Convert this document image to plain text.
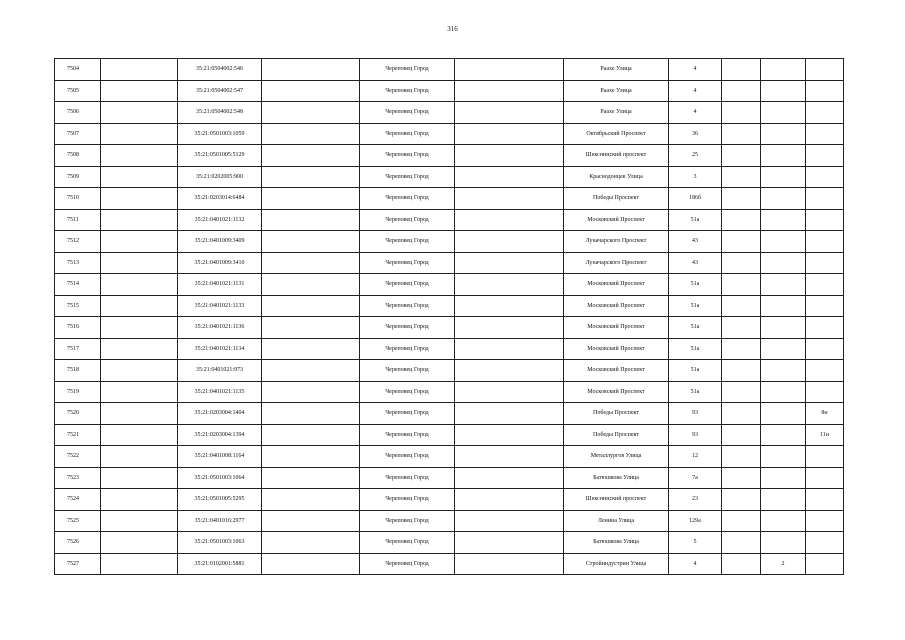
316
7504		35:21:0504002:546		Череповец Город		Раахе Улица	4			
7505		35:21:0504002:547		Череповец Город		Раахе Улица	4			
7506		35:21:0504002:548		Череповец Город		Раахе Улица	4			
7507		35:21:0501003:1059		Череповец Город		Октябрьский Проспект	36			
7508		35:21:0501005:5129		Череповец Город		Шекснинский проспект	25			
7509		35:21:0202005:900		Череповец Город		Краснодонцев Улица	3			
7510		35:21:0203014:6484		Череповец Город		Победы Проспект	186б			
7511		35:21:0401021:1132		Череповец Город		Московский Проспект	51а			
7512		35:21:0401009:3409		Череповец Город		Луначарского Проспект	43			
7513		35:21:0401009:3410		Череповец Город		Луначарского Проспект	43			
7514		35:21:0401021:1131		Череповец Город		Московский Проспект	51а			
7515		35:21:0401021:1133		Череповец Город		Московский Проспект	51а			
7516		35:21:0401021:1136		Череповец Город		Московский Проспект	51а			
7517		35:21:0401021:1134		Череповец Город		Московский Проспект	51а			
7518		35:21:0401021:973		Череповец Город		Московский Проспект	51а			
7519		35:21:0401021:1135		Череповец Город		Московский Проспект	51а			
7520		35:21:0203004:1404		Череповец Город		Победы Проспект	93			8н
7521		35:21:0203004:1394		Череповец Город		Победы Проспект	93			11н
7522		35:21:0401008:1164		Череповец Город		Металлургов Улица	12			
7523		35:21:0501003:1064		Череповец Город		Батюшкова Улица	7а			
7524		35:21:0501005:5295		Череповец Город		Шекснинский проспект	23			
7525		35:21:0401016:2977		Череповец Город		Ленина Улица	129а			
7526		35:21:0501003:1063		Череповец Город		Батюшкова Улица	5			
7527		35:21:0102001:5881		Череповец Город		Стройиндустрии Улица	4		2	
